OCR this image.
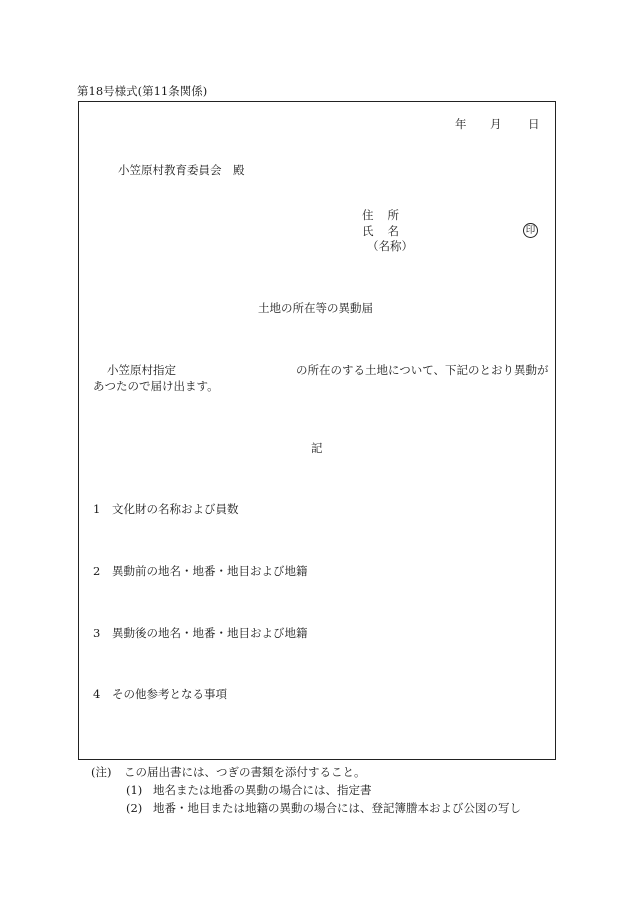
第18号様式(第11条関係)
年 月 日
小笠原村教育委員会　殿
住 所
氏 名
（名称）
印
土地の所在等の異動届
小笠原村指定	の所在のする土地について、下記のとおり異動が
あつたので届け出ます。
記
1 文化財の名称および員数
2 異動前の地名・地番・地目および地籍
3 異動後の地名・地番・地目および地籍
4 その他参考となる事項
(注) この届出書には、つぎの書類を添付すること。
(1) 地名または地番の異動の場合には、指定書
(2) 地番・地目または地籍の異動の場合には、登記簿謄本および公図の写し
